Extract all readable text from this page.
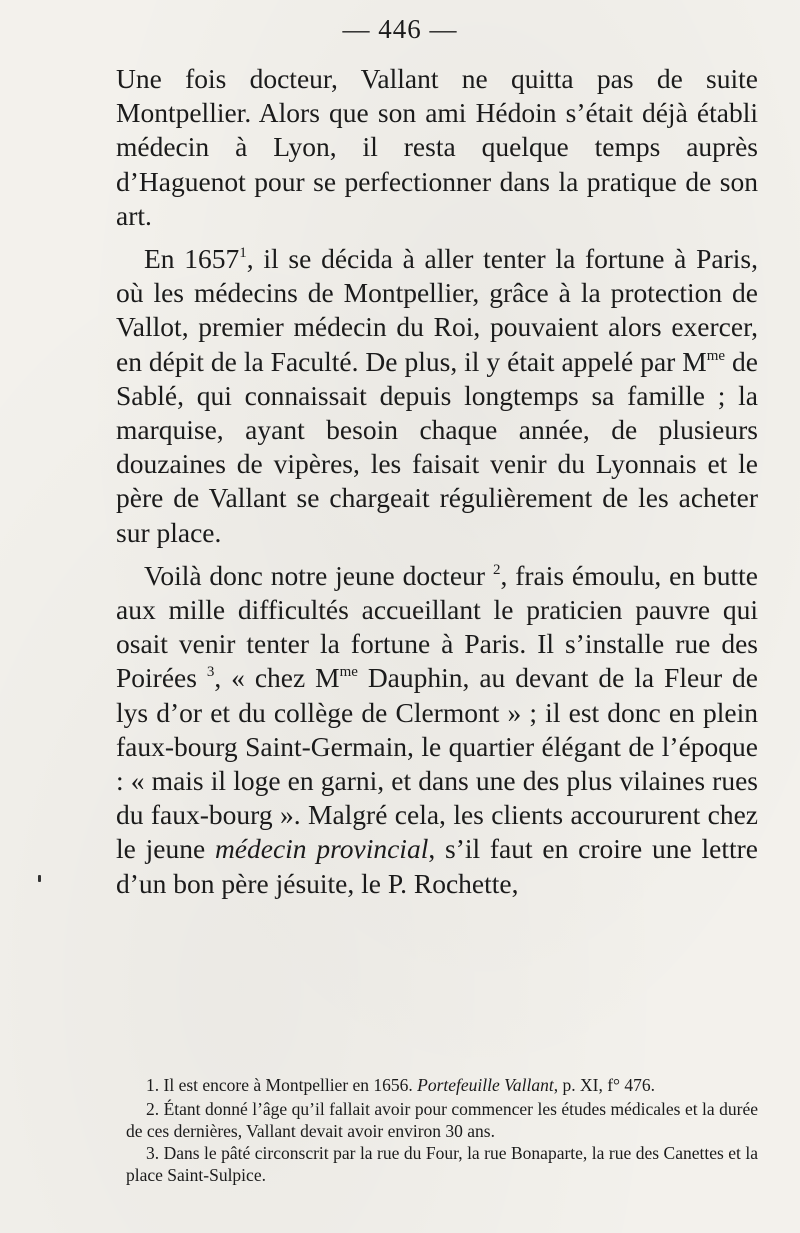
— 446 —

Une fois docteur, Vallant ne quitta pas de suite Montpellier. Alors que son ami Hédoin s’était déjà établi médecin à Lyon, il resta quelque temps auprès d’Haguenot pour se perfectionner dans la pratique de son art.

En 1657$^1$, il se décida à aller tenter la fortune à Paris, où les médecins de Montpellier, grâce à la protection de Vallot, premier médecin du Roi, pouvaient alors exercer, en dépit de la Faculté. De plus, il y était appelé par $M^{me}$ de Sablé, qui connaissait depuis longtemps sa famille ; la marquise, ayant besoin chaque année, de plusieurs douzaines de vipères, les faisait venir du Lyonnais et le père de Vallant se chargeait régulièrement de les acheter sur place.

Voilà donc notre jeune docteur $^2$, frais émoulu, en butte aux mille difficultés accueillant le praticien pauvre qui osait venir tenter la fortune à Paris. Il s’installe rue des Poirées $^3$, « chez $M^{me}$ Dauphin, au devant de la Fleur de lys d’or et du collège de Clermont » ; il est donc en plein faux-bourg Saint-Germain, le quartier élégant de l’époque : « mais il loge en garni, et dans une des plus vilaines rues du faux-bourg ». Malgré cela, les clients accoururent chez le jeune médecin provincial, s’il faut en croire une lettre d’un bon père jésuite, le P. Rochette,

1. Il est encore à Montpellier en 1656. Portefeuille Vallant, p. XI, f° 476.

2. Étant donné l’âge qu’il fallait avoir pour commencer les études médicales et la durée de ces dernières, Vallant devait avoir environ 30 ans.

3. Dans le pâté circonscrit par la rue du Four, la rue Bonaparte, la rue des Canettes et la place Saint-Sulpice.
